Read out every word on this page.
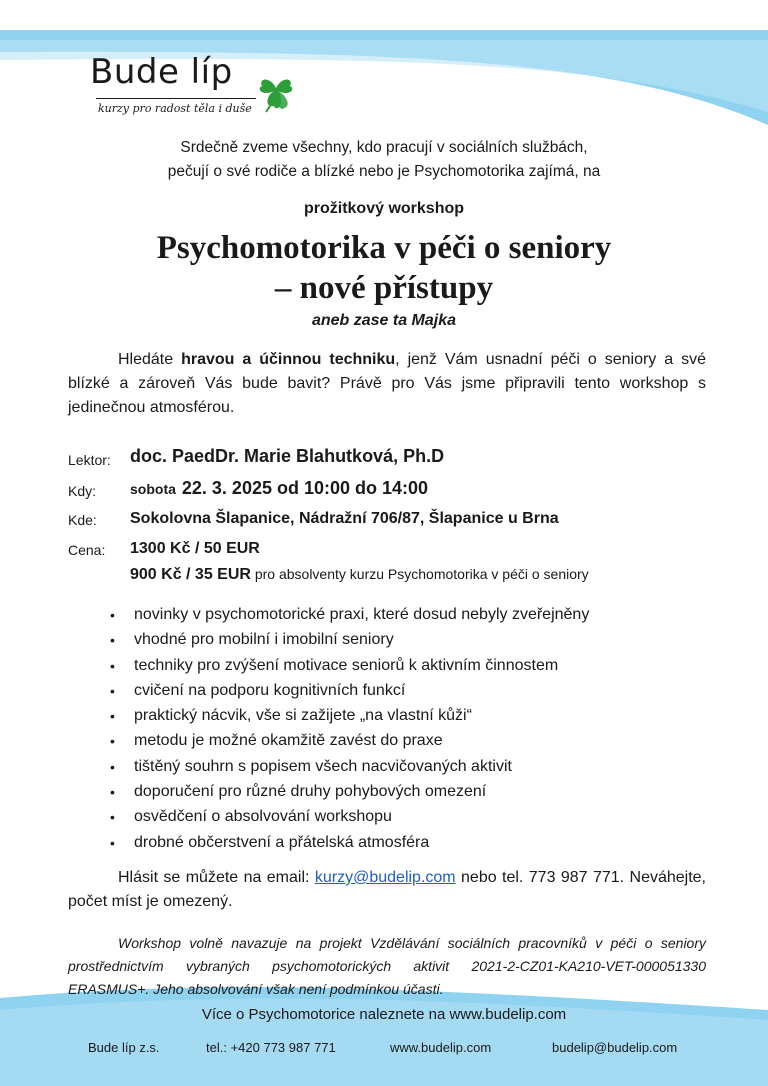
Bude líp
kurzy pro radost těla i duše
Srdečně zveme všechny, kdo pracují v sociálních službách,
pečují o své rodiče a blízké nebo je Psychomotorika zajímá, na
prožitkový workshop
Psychomotorika v péči o seniory
– nové přístupy
aneb zase ta Majka
Hledáte hravou a účinnou techniku, jenž Vám usnadní péči o seniory a své blízké a zároveň Vás bude bavit? Právě pro Vás jsme připravili tento workshop s jedinečnou atmosférou.
Lektor:	doc. PaedDr. Marie Blahutková, Ph.D
Kdy:	sobota 22. 3. 2025 od 10:00 do 14:00
Kde:	Sokolovna Šlapanice, Nádražní 706/87, Šlapanice u Brna
Cena:	1300 Kč / 50 EUR
900 Kč / 35 EUR pro absolventy kurzu Psychomotorika v péči o seniory
• novinky v psychomotorické praxi, které dosud nebyly zveřejněny
• vhodné pro mobilní i imobilní seniory
• techniky pro zvýšení motivace seniorů k aktivním činnostem
• cvičení na podporu kognitivních funkcí
• praktický nácvik, vše si zažijete „na vlastní kůži“
• metodu je možné okamžitě zavést do praxe
• tištěný souhrn s popisem všech nacvičovaných aktivit
• doporučení pro různé druhy pohybových omezení
• osvědčení o absolvování workshopu
• drobné občerstvení a přátelská atmosféra
Hlásit se můžete na email: kurzy@budelip.com nebo tel. 773 987 771. Neváhejte, počet míst je omezený.
Workshop volně navazuje na projekt Vzdělávání sociálních pracovníků v péči o seniory prostřednictvím vybraných psychomotorických aktivit 2021-2-CZ01-KA210-VET-000051330 ERASMUS+. Jeho absolvování však není podmínkou účasti.
Více o Psychomotorice naleznete na www.budelip.com
Bude líp z.s.	tel.: +420 773 987 771	www.budelip.com	budelip@budelip.com
